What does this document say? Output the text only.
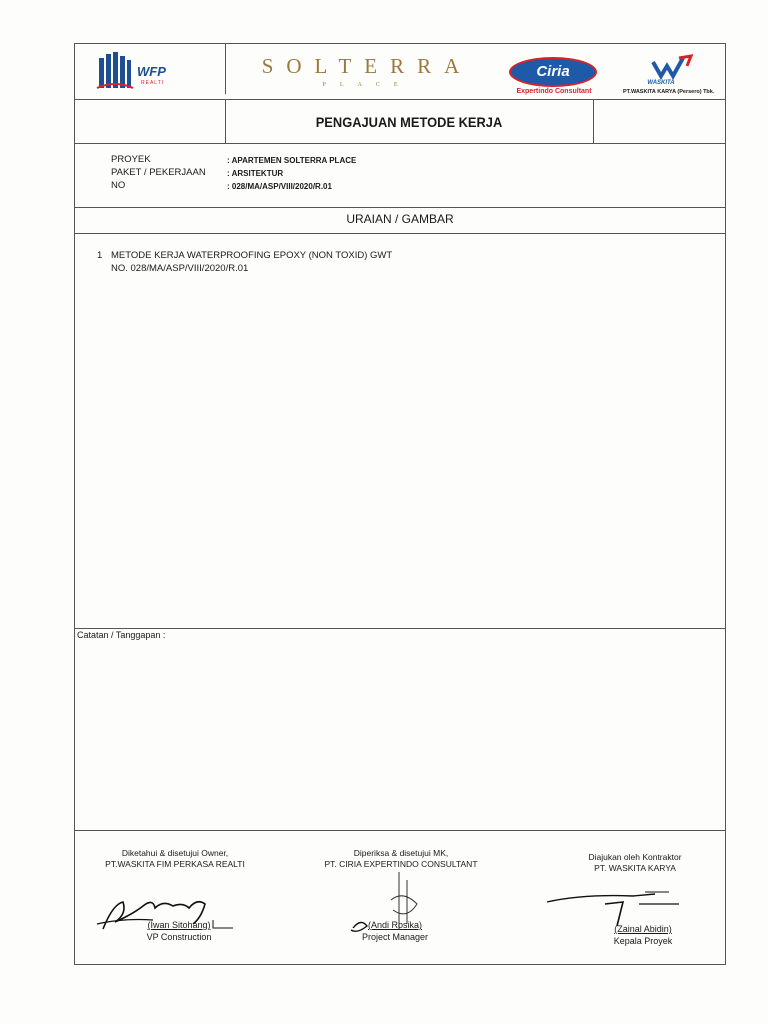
WFP
REALTI
SOLTERRA
PLACE
Ciria
Expertindo Consultant
WASKITA
PT.WASKITA KARYA (Persero) Tbk.
PENGAJUAN METODE KERJA
PROYEK
PAKET / PEKERJAAN
NO
: APARTEMEN SOLTERRA PLACE
: ARSITEKTUR
: 028/MA/ASP/VIII/2020/R.01
URAIAN / GAMBAR
1 METODE KERJA WATERPROOFING EPOXY (NON TOXID) GWT
NO. 028/MA/ASP/VIII/2020/R.01
Catatan / Tanggapan :
Diketahui & disetujui Owner,
PT.WASKITA FIM PERKASA REALTI
Diperiksa & disetujui MK,
PT. CIRIA EXPERTINDO CONSULTANT
Diajukan oleh Kontraktor
PT. WASKITA KARYA
(Iwan Sitohang)
VP Construction
(Andi Rosika)
Project Manager
(Zainal Abidin)
Kepala Proyek
